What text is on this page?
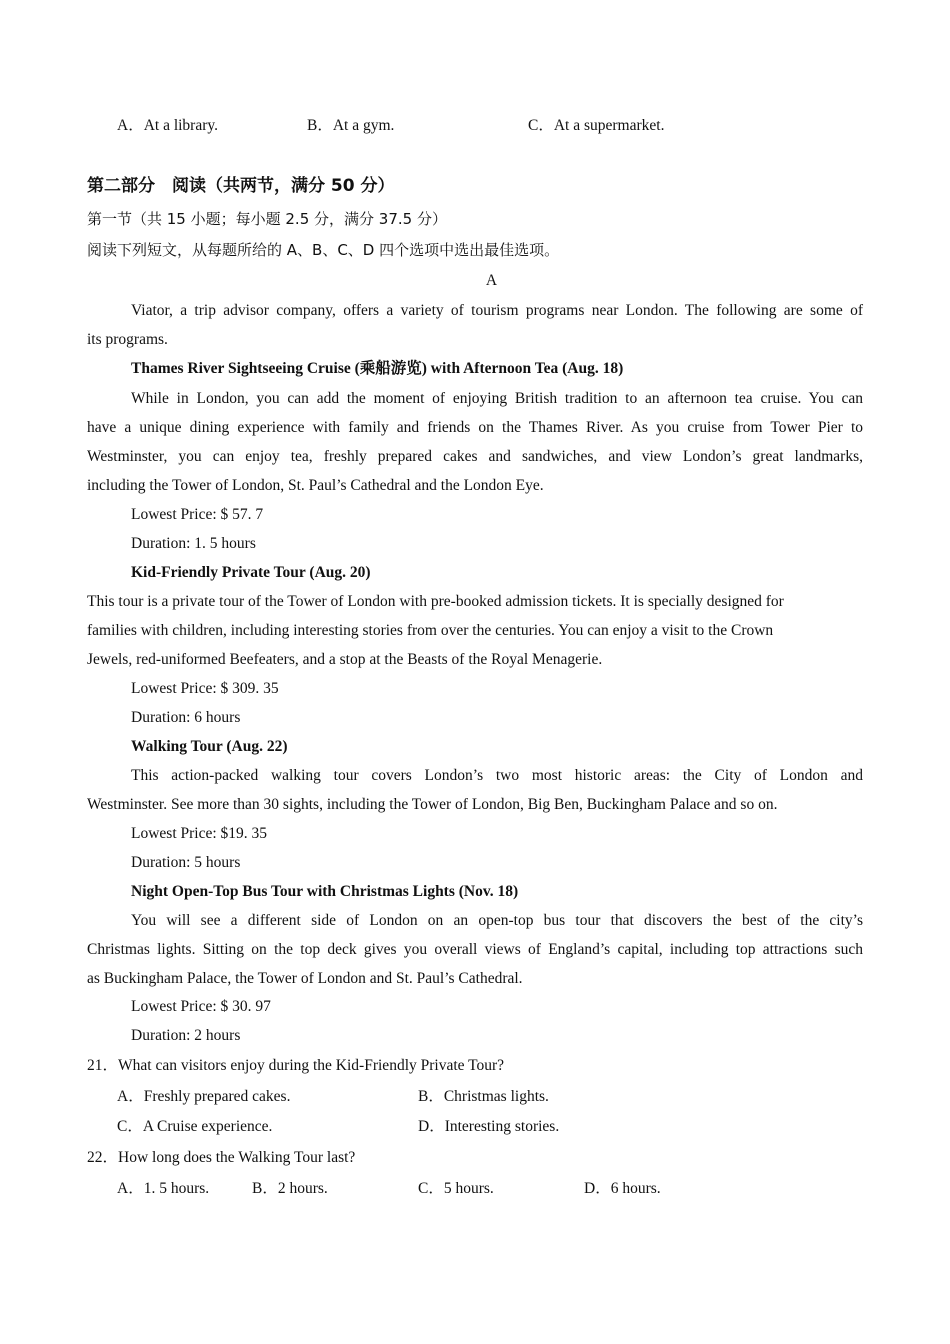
A．At a library.	B．At a gym.	C．At a supermarket.
第二部分　阅读（共两节，满分 50 分）
第一节（共 15 小题；每小题 2.5 分，满分 37.5 分）
阅读下列短文，从每题所给的 A、B、C、D 四个选项中选出最佳选项。
A
Viator, a trip advisor company, offers a variety of tourism programs near London. The following are some of
its programs.
Thames River Sightseeing Cruise (乘船游览) with Afternoon Tea (Aug. 18)
While in London, you can add the moment of enjoying British tradition to an afternoon tea cruise. You can
have a unique dining experience with family and friends on the Thames River. As you cruise from Tower Pier to
Westminster, you can enjoy tea, freshly prepared cakes and sandwiches, and view London’s great landmarks,
including the Tower of London, St. Paul’s Cathedral and the London Eye.
Lowest Price: $ 57. 7
Duration: 1. 5 hours
Kid-Friendly Private Tour (Aug. 20)
This tour is a private tour of the Tower of London with pre-booked admission tickets. It is specially designed for
families with children, including interesting stories from over the centuries. You can enjoy a visit to the Crown
Jewels, red-uniformed Beefeaters, and a stop at the Beasts of the Royal Menagerie.
Lowest Price: $ 309. 35
Duration: 6 hours
Walking Tour (Aug. 22)
This action-packed walking tour covers London’s two most historic areas: the City of London and
Westminster. See more than 30 sights, including the Tower of London, Big Ben, Buckingham Palace and so on.
Lowest Price: $19. 35
Duration: 5 hours
Night Open-Top Bus Tour with Christmas Lights (Nov. 18)
You will see a different side of London on an open-top bus tour that discovers the best of the city’s
Christmas lights. Sitting on the top deck gives you overall views of England’s capital, including top attractions such
as Buckingham Palace, the Tower of London and St. Paul’s Cathedral.
Lowest Price: $ 30. 97
Duration: 2 hours
21．What can visitors enjoy during the Kid-Friendly Private Tour?
A．Freshly prepared cakes.	B．Christmas lights.
C．A Cruise experience.	D．Interesting stories.
22．How long does the Walking Tour last?
A．1. 5 hours.	B．2 hours.	C．5 hours.	D．6 hours.
